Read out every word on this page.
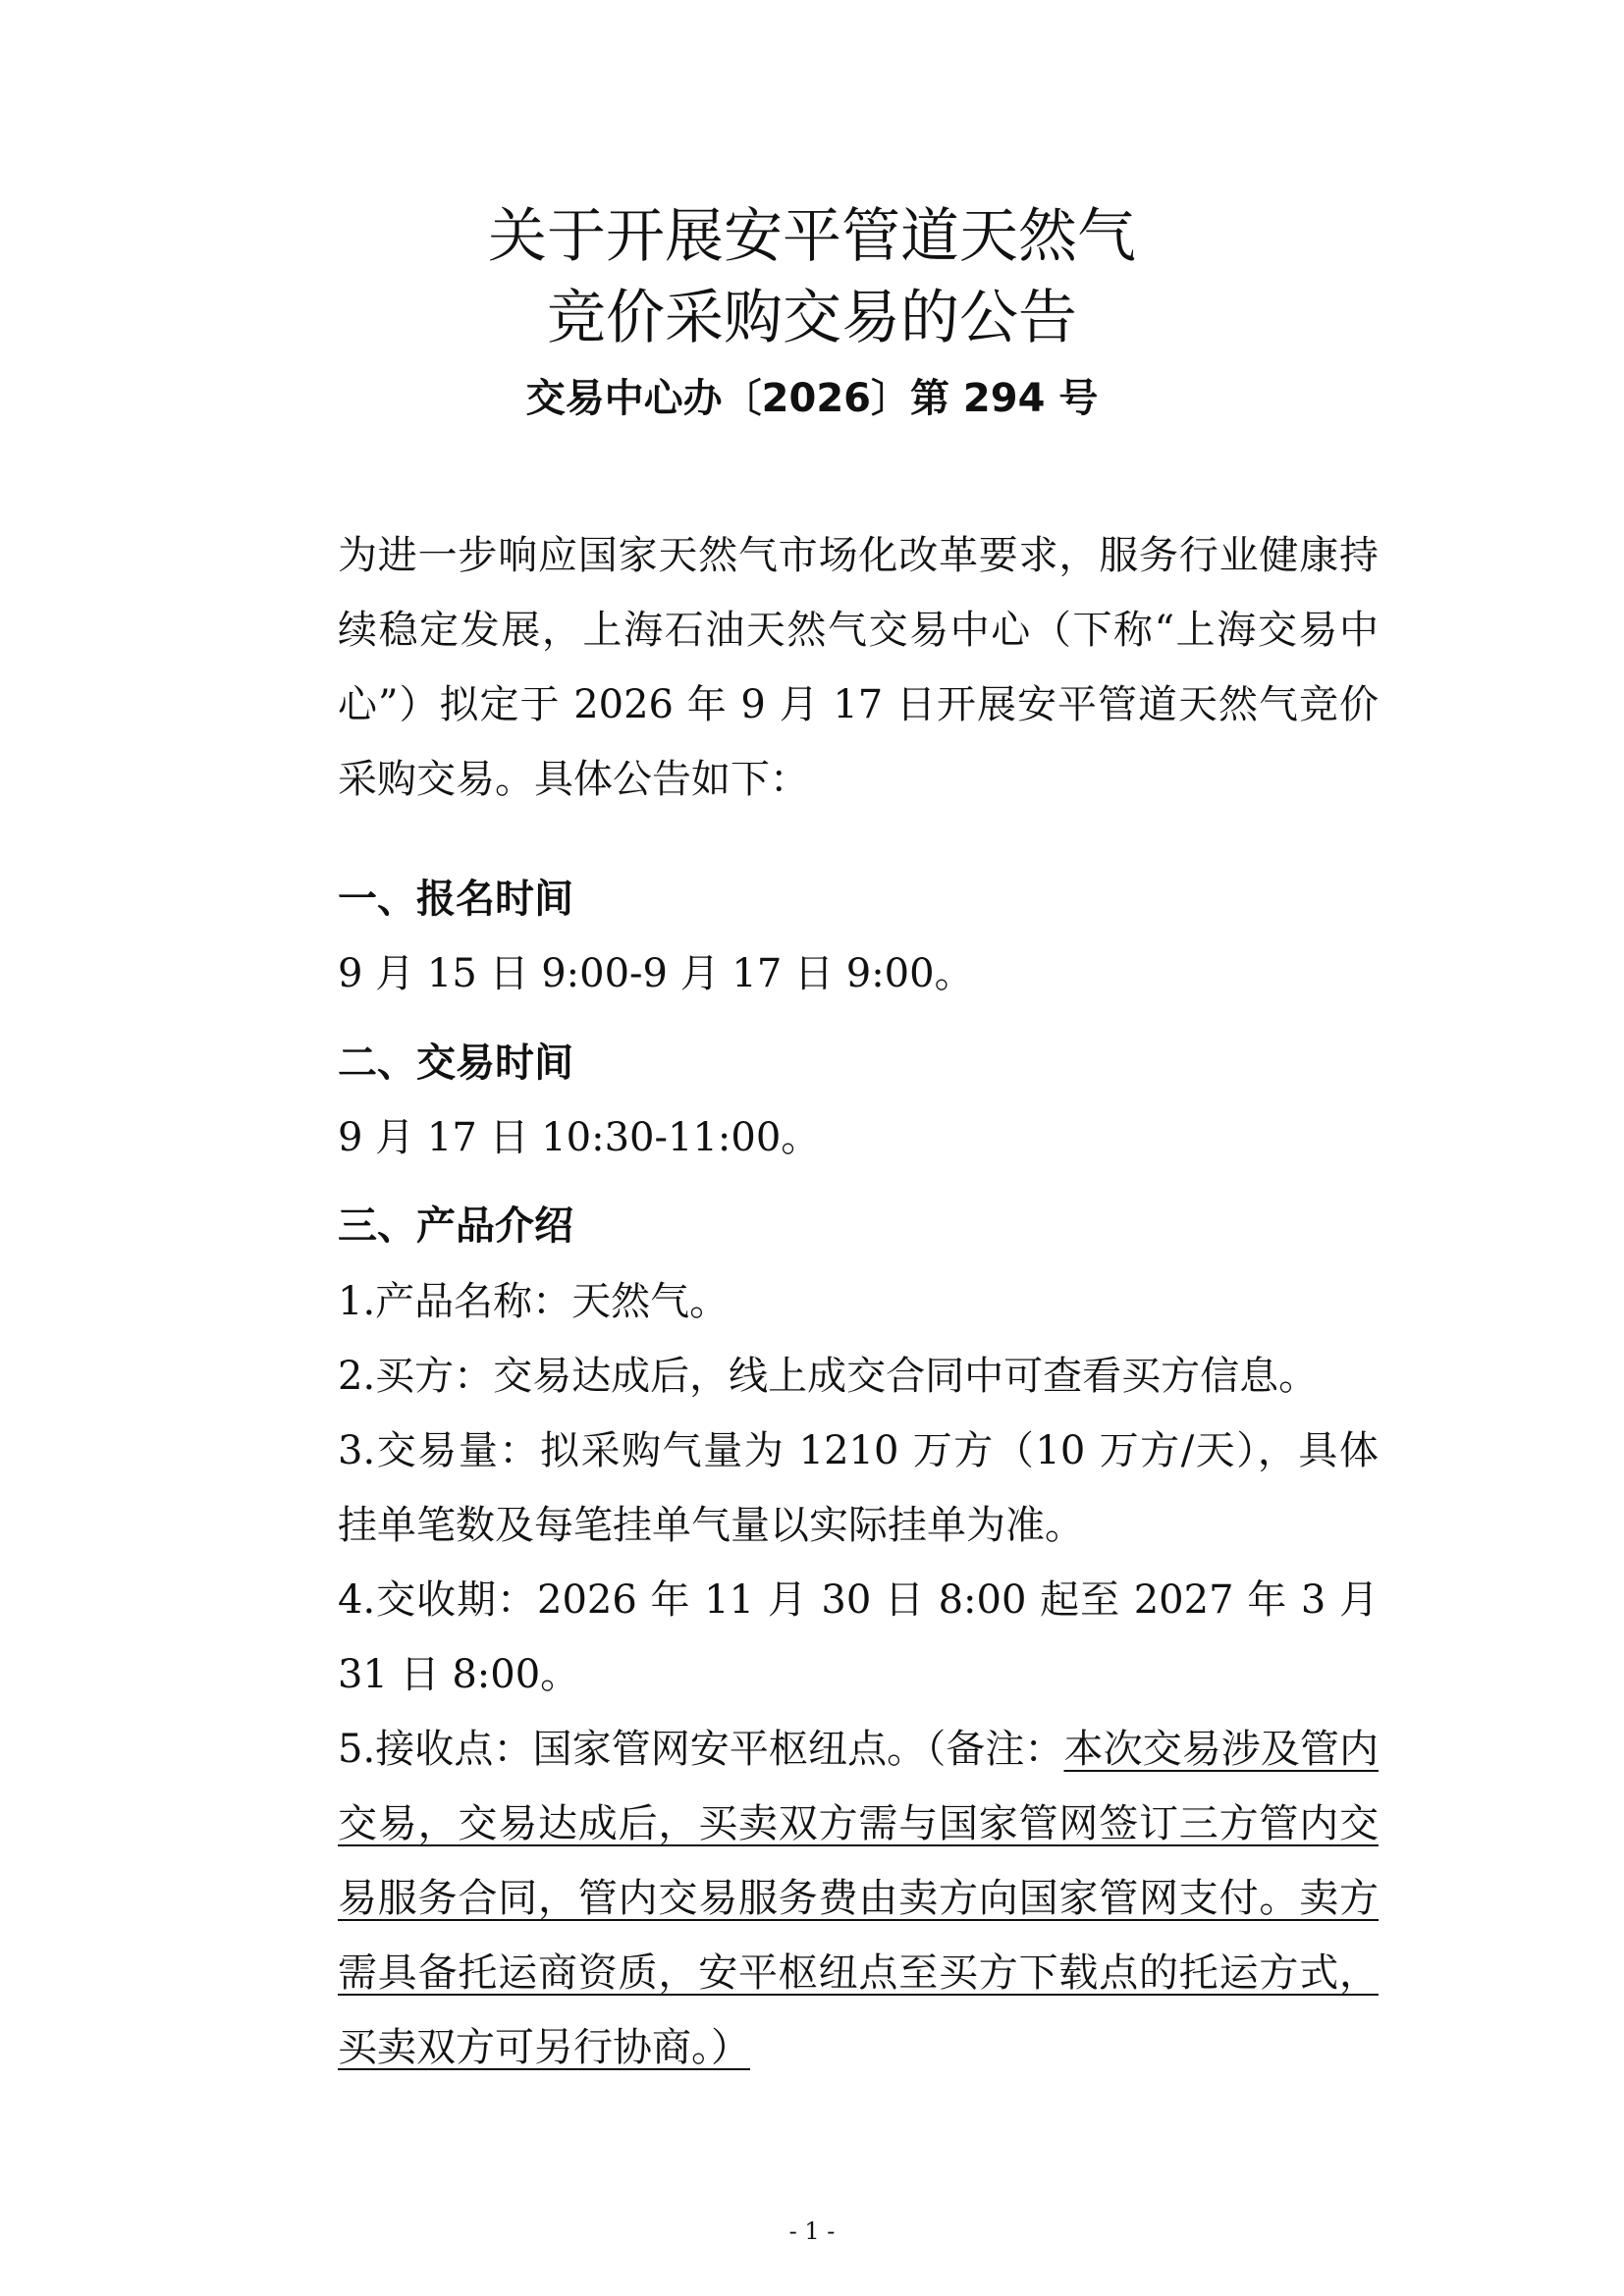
关于开展安平管道天然气
竞价采购交易的公告
交易中心办〔2026〕第 294 号
为进一步响应国家天然气市场化改革要求，服务行业健康持续稳定发展，上海石油天然气交易中心（下称“上海交易中心”）拟定于 2026 年 9 月 17 日开展安平管道天然气竞价采购交易。具体公告如下：
一、报名时间
9 月 15 日 9:00-9 月 17 日 9:00。
二、交易时间
9 月 17 日 10:30-11:00。
三、产品介绍
1.产品名称：天然气。
2.买方：交易达成后，线上成交合同中可查看买方信息。
3.交易量：拟采购气量为 1210 万方（10 万方/天），具体挂单笔数及每笔挂单气量以实际挂单为准。
4.交收期：2026 年 11 月 30 日 8:00 起至 2027 年 3 月 31 日 8:00。
5.接收点：国家管网安平枢纽点。（备注：本次交易涉及管内交易，交易达成后，买卖双方需与国家管网签订三方管内交易服务合同，管内交易服务费由卖方向国家管网支付。卖方需具备托运商资质，安平枢纽点至买方下载点的托运方式，买卖双方可另行协商。）
- 1 -
